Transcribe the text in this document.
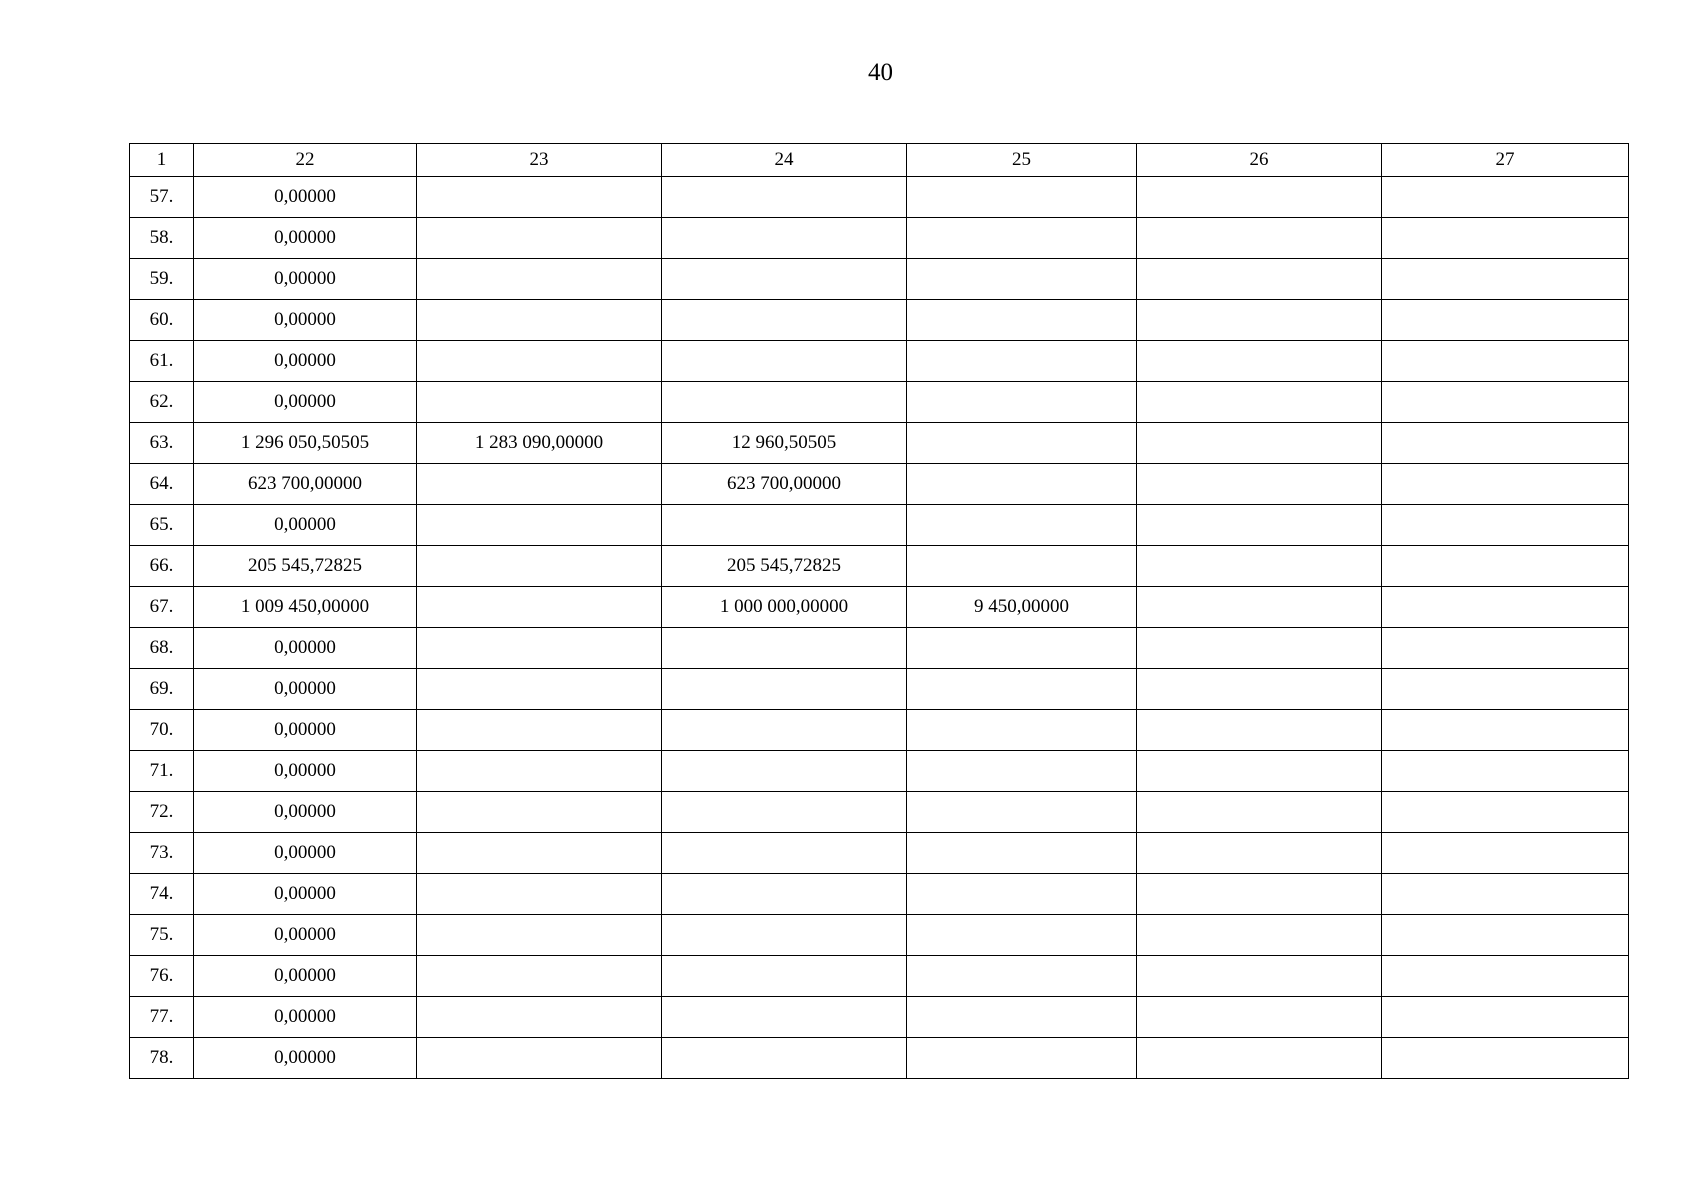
40
1	22	23	24	25	26	27
57.	0,00000					
58.	0,00000					
59.	0,00000					
60.	0,00000					
61.	0,00000					
62.	0,00000					
63.	1 296 050,50505	1 283 090,00000	12 960,50505			
64.	623 700,00000		623 700,00000			
65.	0,00000					
66.	205 545,72825		205 545,72825			
67.	1 009 450,00000		1 000 000,00000	9 450,00000		
68.	0,00000					
69.	0,00000					
70.	0,00000					
71.	0,00000					
72.	0,00000					
73.	0,00000					
74.	0,00000					
75.	0,00000					
76.	0,00000					
77.	0,00000					
78.	0,00000					
